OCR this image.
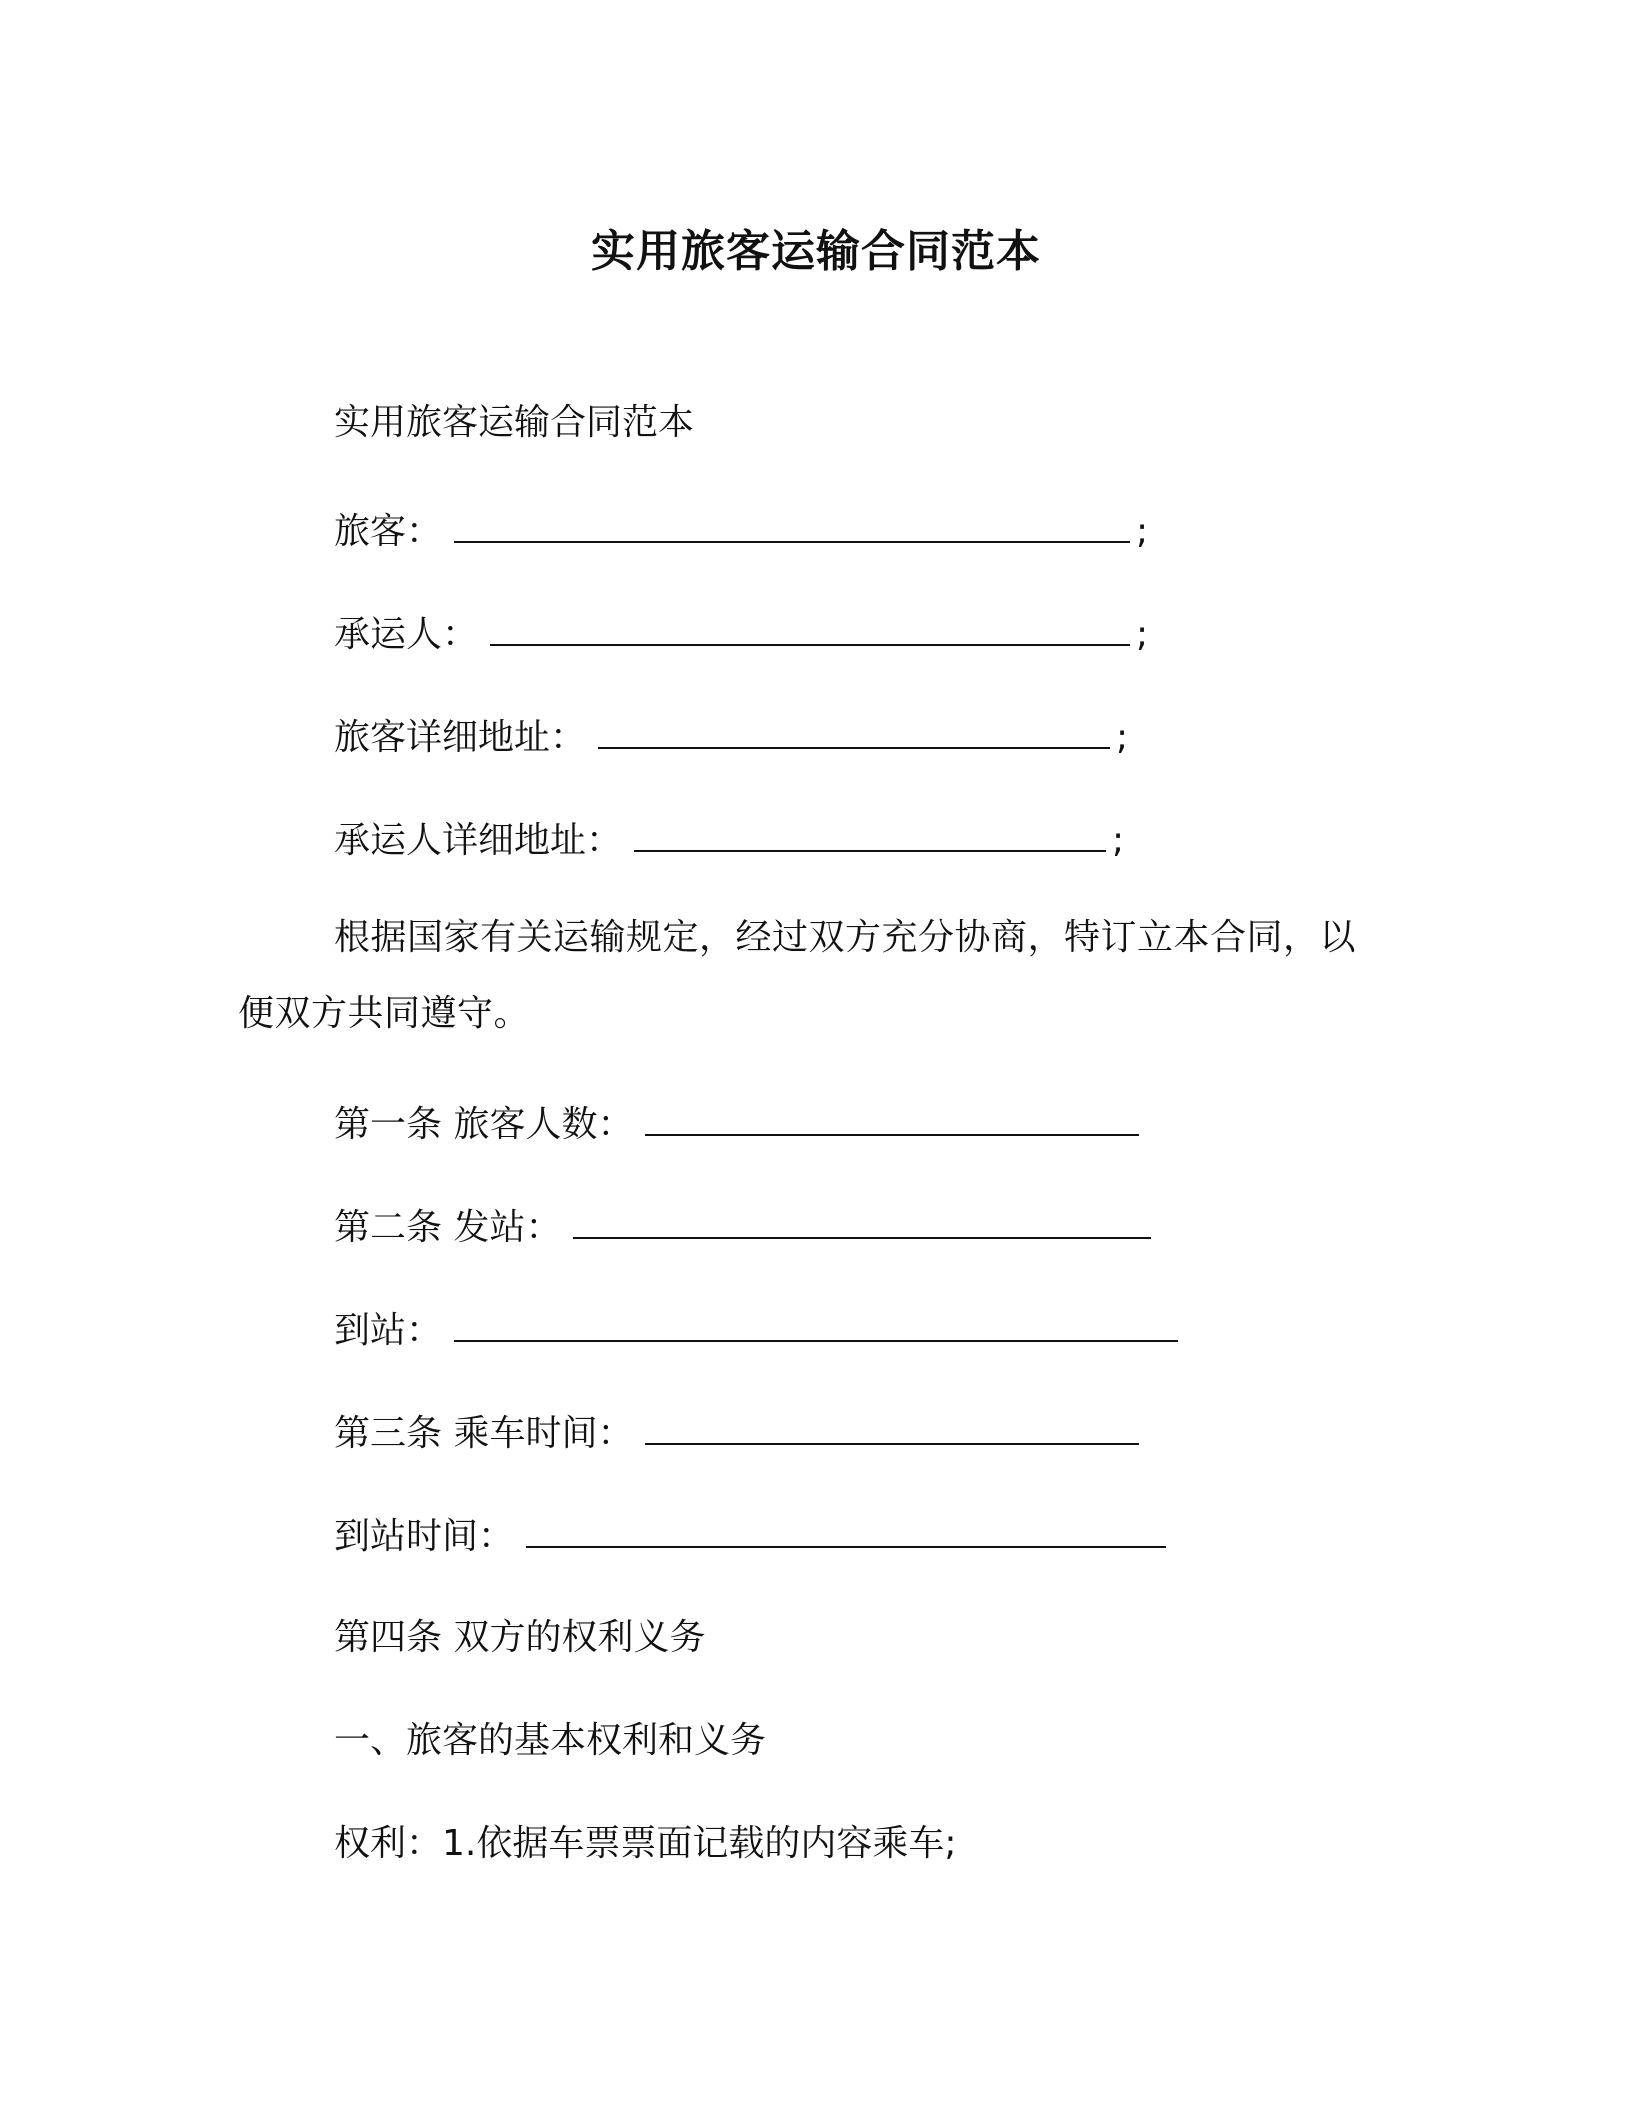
实用旅客运输合同范本
实用旅客运输合同范本
旅客：	;
承运人：	;
旅客详细地址：	;
承运人详细地址：	;
根据国家有关运输规定，经过双方充分协商，特订立本合同，以便双方共同遵守。
第一条 旅客人数：
第二条 发站：
到站：
第三条 乘车时间：
到站时间：
第四条 双方的权利义务
一、旅客的基本权利和义务
权利：1.依据车票票面记载的内容乘车;
